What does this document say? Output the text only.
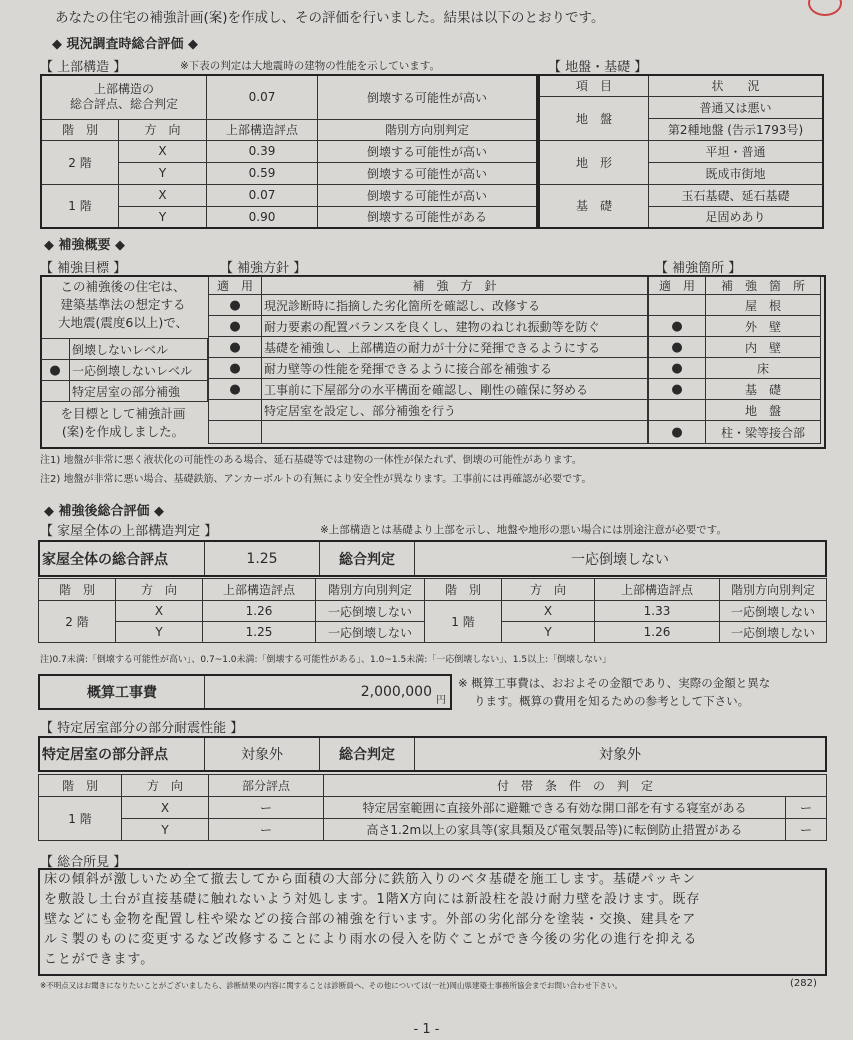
あなたの住宅の補強計画(案)を作成し、その評価を行いました。結果は以下のとおりです。
◆ 現況調査時総合評価 ◆
【 上部構造 】	※下表の判定は大地震時の建物の性能を示しています。	【 地盤・基礎 】
上部構造の
総合評点、総合判定		0.07	倒壊する可能性が高い
階　別	方　向	上部構造評点	階別方向別判定
2 階	X	0.39	倒壊する可能性が高い
	Y	0.59	倒壊する可能性が高い
1 階	X	0.07	倒壊する可能性が高い
	Y	0.90	倒壊する可能性がある
項　目	状　　況
地　盤	普通又は悪い
	第2種地盤 (告示1793号)
地　形	平坦・普通
	既成市街地
基　礎	玉石基礎、延石基礎
	足固めあり
◆ 補強概要 ◆
【 補強目標 】	【 補強方針 】	【 補強箇所 】
この補強後の住宅は、
建築基準法の想定する
大地震(震度6以上)で、
	倒壊しないレベル
●	一応倒壊しないレベル
	特定居室の部分補強
を目標として補強計画
(案)を作成しました。
適　用	補　強　方　針
●	現況診断時に指摘した劣化箇所を確認し、改修する
●	耐力要素の配置バランスを良くし、建物のねじれ振動等を防ぐ
●	基礎を補強し、上部構造の耐力が十分に発揮できるようにする
●	耐力壁等の性能を発揮できるように接合部を補強する
●	工事前に下屋部分の水平構面を確認し、剛性の確保に努める
	特定居室を設定し、部分補強を行う

適　用	補　強　箇　所
	屋　根
●	外　壁
●	内　壁
●	床
●	基　礎
	地　盤
●	柱・梁等接合部
注1) 地盤が非常に悪く液状化の可能性のある場合、延石基礎等では建物の一体性が保たれず、倒壊の可能性があります。
注2) 地盤が非常に悪い場合、基礎鉄筋、アンカーボルトの有無により安全性が異なります。工事前には再確認が必要です。
◆ 補強後総合評価 ◆
【 家屋全体の上部構造判定 】	※上部構造とは基礎より上部を示し、地盤や地形の悪い場合には別途注意が必要です。
家屋全体の総合評点	1.25	総合判定	一応倒壊しない
階　別	方　向	上部構造評点	階別方向別判定	階　別	方　向	上部構造評点	階別方向別判定
2 階	X	1.26	一応倒壊しない	1 階	X	1.33	一応倒壊しない
	Y	1.25	一応倒壊しない		Y	1.26	一応倒壊しない
注)0.7未満:「倒壊する可能性が高い」、0.7~1.0未満:「倒壊する可能性がある」、1.0~1.5未満:「一応倒壊しない」、1.5以上:「倒壊しない」
概算工事費	2,000,000
円
※ 概算工事費は、おおよその金額であり、実際の金額と異な
ります。概算の費用を知るための参考として下さい。
【 特定居室部分の部分耐震性能 】
特定居室の部分評点	対象外	総合判定	対象外
階　別	方　向	部分評点	付　帯　条　件　の　判　定	
1 階	X	ー	特定居室範囲に直接外部に避難できる有効な開口部を有する寝室がある	ー
	Y	ー	高さ1.2m以上の家具等(家具類及び電気製品等)に転倒防止措置がある	ー
【 総合所見 】
床の傾斜が激しいため全て撤去してから面積の大部分に鉄筋入りのベタ基礎を施工します。基礎パッキン
を敷設し土台が直接基礎に触れないよう対処します。1階X方向には新設柱を設け耐力壁を設けます。既存
壁などにも金物を配置し柱や梁などの接合部の補強を行います。外部の劣化部分を塗装・交換、建具をア
ルミ製のものに変更するなど改修することにより雨水の侵入を防ぐことができ今後の劣化の進行を抑える
ことができます。
※不明点又はお聞きになりたいことがございましたら、診断結果の内容に関することは診断員へ、その他については(一社)岡山県建築士事務所協会までお問い合わせ下さい。	(282)
- 1 -
